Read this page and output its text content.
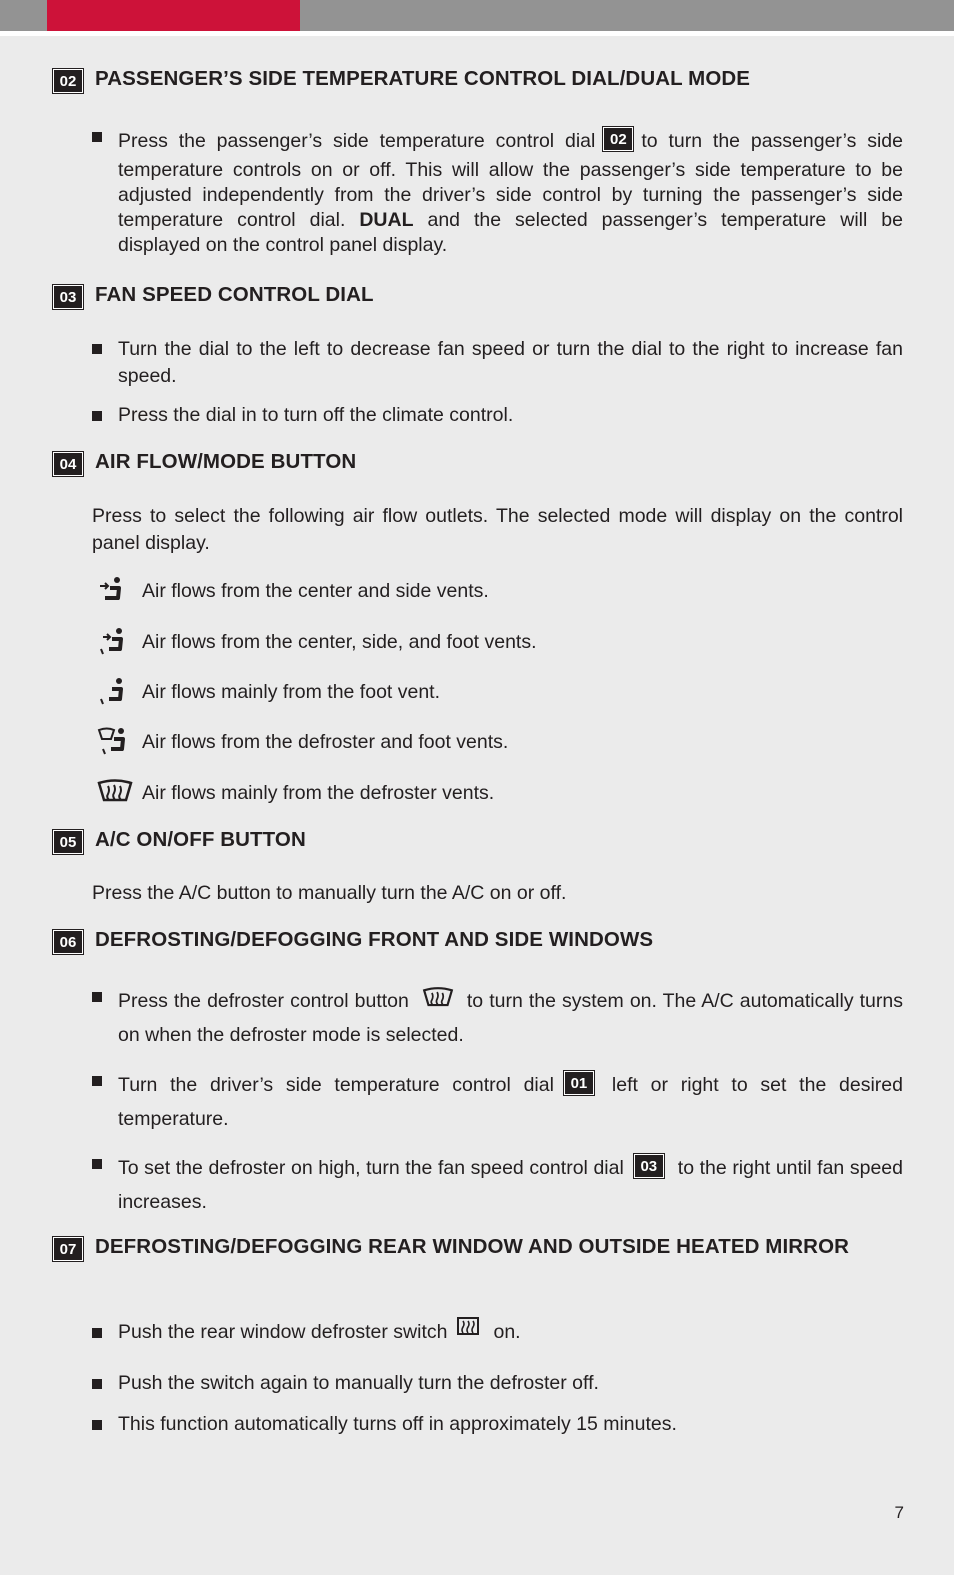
02 PASSENGER’S SIDE TEMPERATURE CONTROL DIAL/DUAL MODE
Press the passenger’s side temperature control dial 02 to turn the passenger’s side temperature controls on or off. This will allow the passenger’s side temperature to be adjusted independently from the driver’s side control by turning the passenger’s side temperature control dial. DUAL and the selected passenger’s temperature will be displayed on the control panel display.
03 FAN SPEED CONTROL DIAL
Turn the dial to the left to decrease fan speed or turn the dial to the right to increase fan speed.
Press the dial in to turn off the climate control.
04 AIR FLOW/MODE BUTTON
Press to select the following air flow outlets. The selected mode will display on the control panel display.
Air flows from the center and side vents.
Air flows from the center, side, and foot vents.
Air flows mainly from the foot vent.
Air flows from the defroster and foot vents.
Air flows mainly from the defroster vents.
05 A/C ON/OFF BUTTON
Press the A/C button to manually turn the A/C on or off.
06 DEFROSTING/DEFOGGING FRONT AND SIDE WINDOWS
Press the defroster control button	to turn the system on. The A/C automatically turns on when the defroster mode is selected.
Turn the driver’s side temperature control dial 01 left or right to set the desired temperature.
To set the defroster on high, turn the fan speed control dial 03 to the right until fan speed increases.
07 DEFROSTING/DEFOGGING REAR WINDOW AND OUTSIDE HEATED MIRROR
Push the rear window defroster switch on.
Push the switch again to manually turn the defroster off.
This function automatically turns off in approximately 15 minutes.
7
